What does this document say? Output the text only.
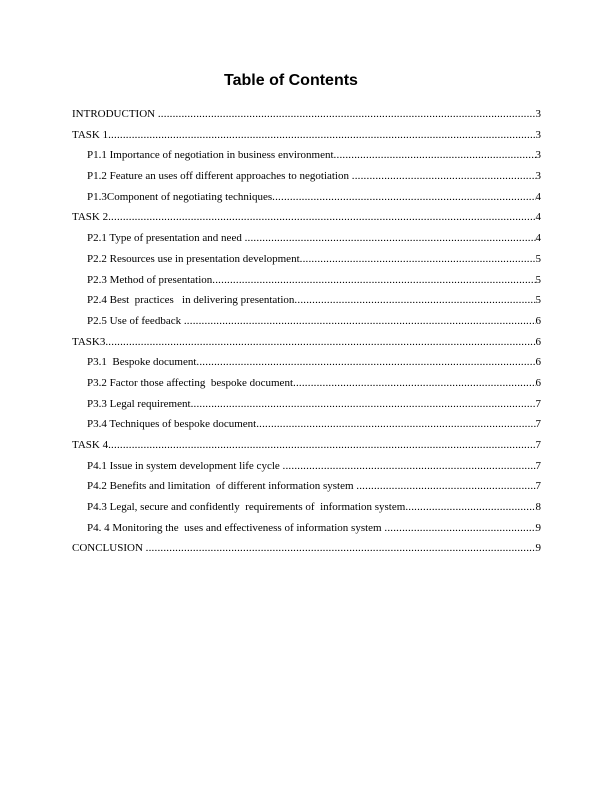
Table of Contents
INTRODUCTION .....	3
TASK 1 .....	3
P1.1 Importance of negotiation in business environment .....	3
P1.2 Feature an uses off different approaches to negotiation .....	3
P1.3Component of negotiating techniques .....	4
TASK 2 .....	4
P2.1 Type of presentation and need .....	4
P2.2 Resources use in presentation development .....	5
P2.3 Method of presentation .....	5
P2.4 Best  practices   in delivering presentation .....	5
P2.5 Use of feedback .....	6
TASK3 .....	6
P3.1  Bespoke document .....	6
P3.2 Factor those affecting  bespoke document .....	6
P3.3 Legal requirement .....	7
P3.4 Techniques of bespoke document .....	7
TASK 4 .....	7
P4.1 Issue in system development life cycle .....	7
P4.2 Benefits and limitation  of different information system .....	7
P4.3 Legal, secure and confidently  requirements of  information system .....	8
P4. 4 Monitoring the  uses and effectiveness of information system .....	9
CONCLUSION .....	9
